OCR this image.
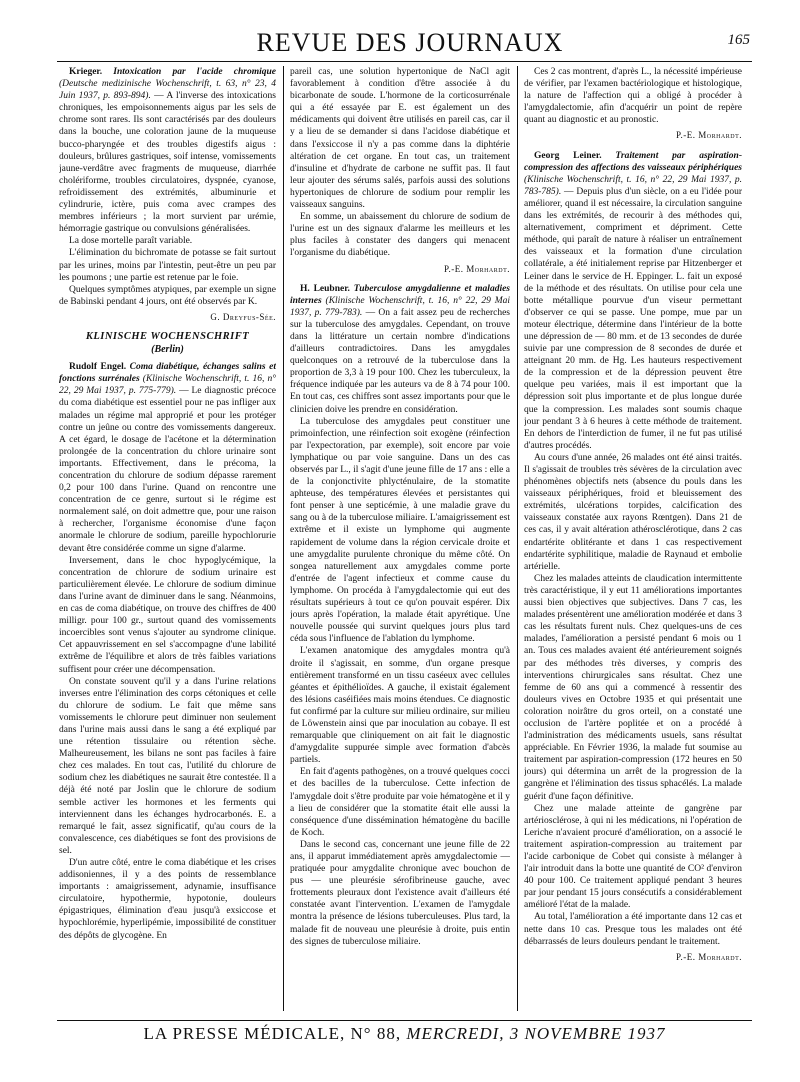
REVUE DES JOURNAUX	165

Krieger. Intoxication par l'acide chromique (Deutsche medizinische Wochenschrift, t. 63, n° 23, 4 Juin 1937, p. 893-894). — A l'inverse des intoxications chroniques, les empoisonnements aigus par les sels de chrome sont rares. Ils sont caractérisés par des douleurs dans la bouche, une coloration jaune de la muqueuse bucco-pharyngée et des troubles digestifs aigus : douleurs, brûlures gastriques, soif intense, vomissements jaune-verdâtre avec fragments de muqueuse, diarrhée cholériforme, troubles circulatoires, dyspnée, cyanose, refroidissement des extrémités, albuminurie et cylindrurie, ictère, puis coma avec crampes des membres inférieurs ; la mort survient par urémie, hémorragie gastrique ou convulsions généralisées.

La dose mortelle paraît variable.

L'élimination du bichromate de potasse se fait surtout par les urines, moins par l'intestin, peut-être un peu par les poumons ; une partie est retenue par le foie.

Quelques symptômes atypiques, par exemple un signe de Babinski pendant 4 jours, ont été observés par K.

G. Dreyfus-Sée.
KLINISCHE WOCHENSCHRIFT
(Berlin)

Rudolf Engel. Coma diabétique, échanges salins et fonctions surrénales (Klinische Wochenschrift, t. 16, n° 22, 29 Mai 1937, p. 775-779). — Le diagnostic précoce du coma diabétique est essentiel pour ne pas infliger aux malades un régime mal approprié et pour les protéger contre un jeûne ou contre des vomissements dangereux. A cet égard, le dosage de l'acétone et la détermination prolongée de la concentration du chlore urinaire sont importants. Effectivement, dans le précoma, la concentration du chlorure de sodium dépasse rarement 0,2 pour 100 dans l'urine. Quand on rencontre une concentration de ce genre, surtout si le régime est normalement salé, on doit admettre que, pour une raison à rechercher, l'organisme économise d'une façon anormale le chlorure de sodium, pareille hypochlorurie devant être considérée comme un signe d'alarme.

Inversement, dans le choc hypoglycémique, la concentration de chlorure de sodium urinaire est particulièrement élevée. Le chlorure de sodium diminue dans l'urine avant de diminuer dans le sang. Néanmoins, en cas de coma diabétique, on trouve des chiffres de 400 milligr. pour 100 gr., surtout quand des vomissements incoercibles sont venus s'ajouter au syndrome clinique. Cet appauvrissement en sel s'accompagne d'une labilité extrême de l'équilibre et alors de très faibles variations suffisent pour créer une décompensation.

On constate souvent qu'il y a dans l'urine relations inverses entre l'élimination des corps cétoniques et celle du chlorure de sodium. Le fait que même sans vomissements le chlorure peut diminuer non seulement dans l'urine mais aussi dans le sang a été expliqué par une rétention tissulaire ou rétention sèche. Malheureusement, les bilans ne sont pas faciles à faire chez ces malades. En tout cas, l'utilité du chlorure de sodium chez les diabétiques ne saurait être contestée. Il a déjà été noté par Joslin que le chlorure de sodium semble activer les hormones et les ferments qui interviennent dans les échanges hydrocarbonés. E. a remarqué le fait, assez significatif, qu'au cours de la convalescence, ces diabétiques se font des provisions de sel.

D'un autre côté, entre le coma diabétique et les crises addisoniennes, il y a des points de ressemblance importants : amaigrissement, adynamie, insuffisance circulatoire, hypothermie, hypotonie, douleurs épigastriques, élimination d'eau jusqu'à exsiccose et hypochlorémie, hyperlipémie, impossibilité de constituer des dépôts de glycogène. En

pareil cas, une solution hypertonique de NaCl agit favorablement à condition d'être associée à du bicarbonate de soude. L'hormone de la corticosurrénale qui a été essayée par E. est également un des médicaments qui doivent être utilisés en pareil cas, car il y a lieu de se demander si dans l'acidose diabétique et dans l'exsiccose il n'y a pas comme dans la diphtérie altération de cet organe. En tout cas, un traitement d'insuline et d'hydrate de carbone ne suffit pas. Il faut leur ajouter des sérums salés, parfois aussi des solutions hypertoniques de chlorure de sodium pour remplir les vaisseaux sanguins.

En somme, un abaissement du chlorure de sodium de l'urine est un des signaux d'alarme les meilleurs et les plus faciles à constater des dangers qui menacent l'organisme du diabétique.

P.-E. Morhardt.

H. Leubner. Tuberculose amygdalienne et maladies internes (Klinische Wochenschrift, t. 16, n° 22, 29 Mai 1937, p. 779-783). — On a fait assez peu de recherches sur la tuberculose des amygdales. Cependant, on trouve dans la littérature un certain nombre d'indications d'ailleurs contradictoires. Dans les amygdales quelconques on a retrouvé de la tuberculose dans la proportion de 3,3 à 19 pour 100. Chez les tuberculeux, la fréquence indiquée par les auteurs va de 8 à 74 pour 100. En tout cas, ces chiffres sont assez importants pour que le clinicien doive les prendre en considération.

La tuberculose des amygdales peut constituer une primoinfection, une réinfection soit exogène (réinfection par l'expectoration, par exemple), soit encore par voie lymphatique ou par voie sanguine. Dans un des cas observés par L., il s'agit d'une jeune fille de 17 ans : elle a de la conjonctivite phlycténulaire, de la stomatite aphteuse, des températures élevées et persistantes qui font penser à une septicémie, à une maladie grave du sang ou à de la tuberculose miliaire. L'amaigrissement est extrême et il existe un lymphome qui augmente rapidement de volume dans la région cervicale droite et une amygdalite purulente chronique du même côté. On songea naturellement aux amygdales comme porte d'entrée de l'agent infectieux et comme cause du lymphome. On procéda à l'amygdalectomie qui eut des résultats supérieurs à tout ce qu'on pouvait espérer. Dix jours après l'opération, la malade était apyrétique. Une nouvelle poussée qui survint quelques jours plus tard céda sous l'influence de l'ablation du lymphome.

L'examen anatomique des amygdales montra qu'à droite il s'agissait, en somme, d'un organe presque entièrement transformé en un tissu caséeux avec cellules géantes et épithélioïdes. A gauche, il existait également des lésions caséifiées mais moins étendues. Ce diagnostic fut confirmé par la culture sur milieu ordinaire, sur milieu de Löwenstein ainsi que par inoculation au cobaye. Il est remarquable que cliniquement on ait fait le diagnostic d'amygdalite suppurée simple avec formation d'abcès partiels.

En fait d'agents pathogènes, on a trouvé quelques cocci et des bacilles de la tuberculose. Cette infection de l'amygdale doit s'être produite par voie hématogène et il y a lieu de considérer que la stomatite était elle aussi la conséquence d'une dissémination hématogène du bacille de Koch.

Dans le second cas, concernant une jeune fille de 22 ans, il apparut immédiatement après amygdalectomie — pratiquée pour amygdalite chronique avec bouchon de pus — une pleurésie sérofibrineuse gauche, avec frottements pleuraux dont l'existence avait d'ailleurs été constatée avant l'intervention. L'examen de l'amygdale montra la présence de lésions tuberculeuses. Plus tard, la malade fit de nouveau une pleurésie à droite, puis entin des signes de tuberculose miliaire.

Ces 2 cas montrent, d'après L., la nécessité impérieuse de vérifier, par l'examen bactériologique et histologique, la nature de l'affection qui a obligé à procéder à l'amygdalectomie, afin d'acquérir un point de repère quant au diagnostic et au pronostic.

P.-E. Morhardt.

Georg Leiner. Traitement par aspiration-compression des affections des vaisseaux périphériques (Klinische Wochenschrift, t. 16, n° 22, 29 Mai 1937, p. 783-785). — Depuis plus d'un siècle, on a eu l'idée pour améliorer, quand il est nécessaire, la circulation sanguine dans les extrémités, de recourir à des méthodes qui, alternativement, compriment et dépriment. Cette méthode, qui paraît de nature à réaliser un entraînement des vaisseaux et la formation d'une circulation collatérale, a été initialement reprise par Hitzenberger et Leiner dans le service de H. Eppinger. L. fait un exposé de la méthode et des résultats. On utilise pour cela une botte métallique pourvue d'un viseur permettant d'observer ce qui se passe. Une pompe, mue par un moteur électrique, détermine dans l'intérieur de la botte une dépression de — 80 mm. et de 13 secondes de durée suivie par une compression de 8 secondes de durée et atteignant 20 mm. de Hg. Les hauteurs respectivement de la compression et de la dépression peuvent être quelque peu variées, mais il est important que la dépression soit plus importante et de plus longue durée que la compression. Les malades sont soumis chaque jour pendant 3 à 6 heures à cette méthode de traitement. En dehors de l'interdiction de fumer, il ne fut pas utilisé d'autres procédés.

Au cours d'une année, 26 malades ont été ainsi traités. Il s'agissait de troubles très sévères de la circulation avec phénomènes objectifs nets (absence du pouls dans les vaisseaux périphériques, froid et bleuissement des extrémités, ulcérations torpides, calcification des vaisseaux constatée aux rayons Rœntgen). Dans 21 de ces cas, il y avait altération athérosclérotique, dans 2 cas endartérite oblitérante et dans 1 cas respectivement endartérite syphilitique, maladie de Raynaud et embolie artérielle.

Chez les malades atteints de claudication intermittente très caractéristique, il y eut 11 améliorations importantes aussi bien objectives que subjectives. Dans 7 cas, les malades présentèrent une amélioration modérée et dans 3 cas les résultats furent nuls. Chez quelques-uns de ces malades, l'amélioration a persisté pendant 6 mois ou 1 an. Tous ces malades avaient été antérieurement soignés par des méthodes très diverses, y compris des interventions chirurgicales sans résultat. Chez une femme de 60 ans qui a commencé à ressentir des douleurs vives en Octobre 1935 et qui présentait une coloration noirâtre du gros orteil, on a constaté une occlusion de l'artère poplitée et on a procédé à l'administration des médicaments usuels, sans résultat appréciable. En Février 1936, la malade fut soumise au traitement par aspiration-compression (172 heures en 50 jours) qui détermina un arrêt de la progression de la gangrène et l'élimination des tissus sphacélés. La malade guérit d'une façon définitive.

Chez une malade atteinte de gangrène par artériosclérose, à qui ni les médications, ni l'opération de Leriche n'avaient procuré d'amélioration, on a associé le traitement aspiration-compression au traitement par l'acide carbonique de Cobet qui consiste à mélanger à l'air introduit dans la botte une quantité de CO² d'environ 40 pour 100. Ce traitement appliqué pendant 3 heures par jour pendant 15 jours consécutifs a considérablement amélioré l'état de la malade.

Au total, l'amélioration a été importante dans 12 cas et nette dans 10 cas. Presque tous les malades ont été débarrassés de leurs douleurs pendant le traitement.

P.-E. Morhardt.
LA PRESSE MÉDICALE, N° 88, MERCREDI, 3 NOVEMBRE 1937
